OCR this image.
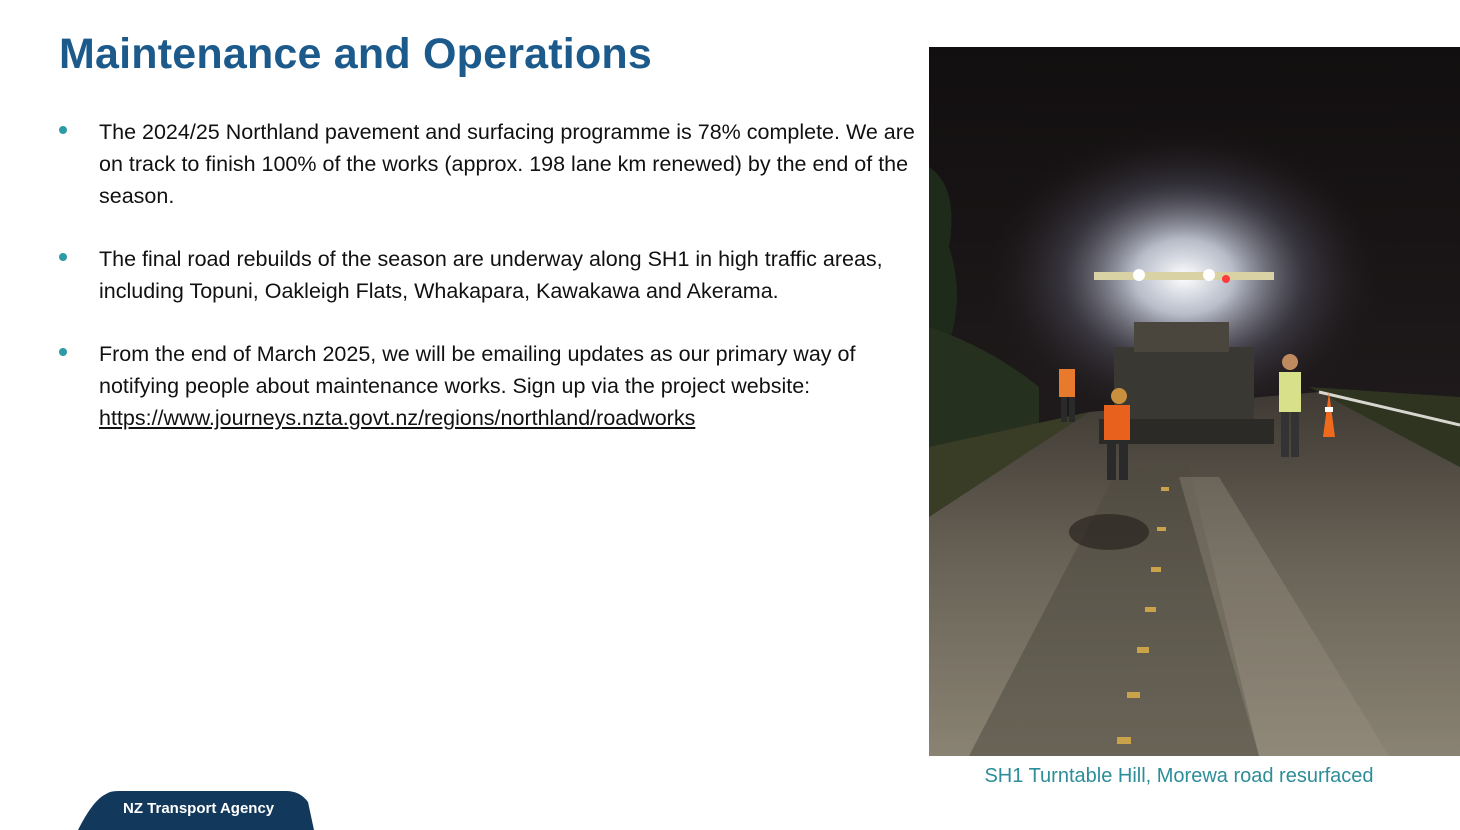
Maintenance and Operations
The 2024/25 Northland pavement and surfacing programme is 78% complete. We are on track to finish 100% of the works (approx. 198 lane km renewed) by the end of the season.
The final road rebuilds of the season are underway along SH1 in high traffic areas, including Topuni, Oakleigh Flats, Whakapara, Kawakawa and Akerama.
From the end of March 2025, we will be emailing updates as our primary way of notifying people about maintenance works. Sign up via the project website: https://www.journeys.nzta.govt.nz/regions/northland/roadworks
SH1 Turntable Hill, Morewa road resurfaced
NZ Transport Agency
